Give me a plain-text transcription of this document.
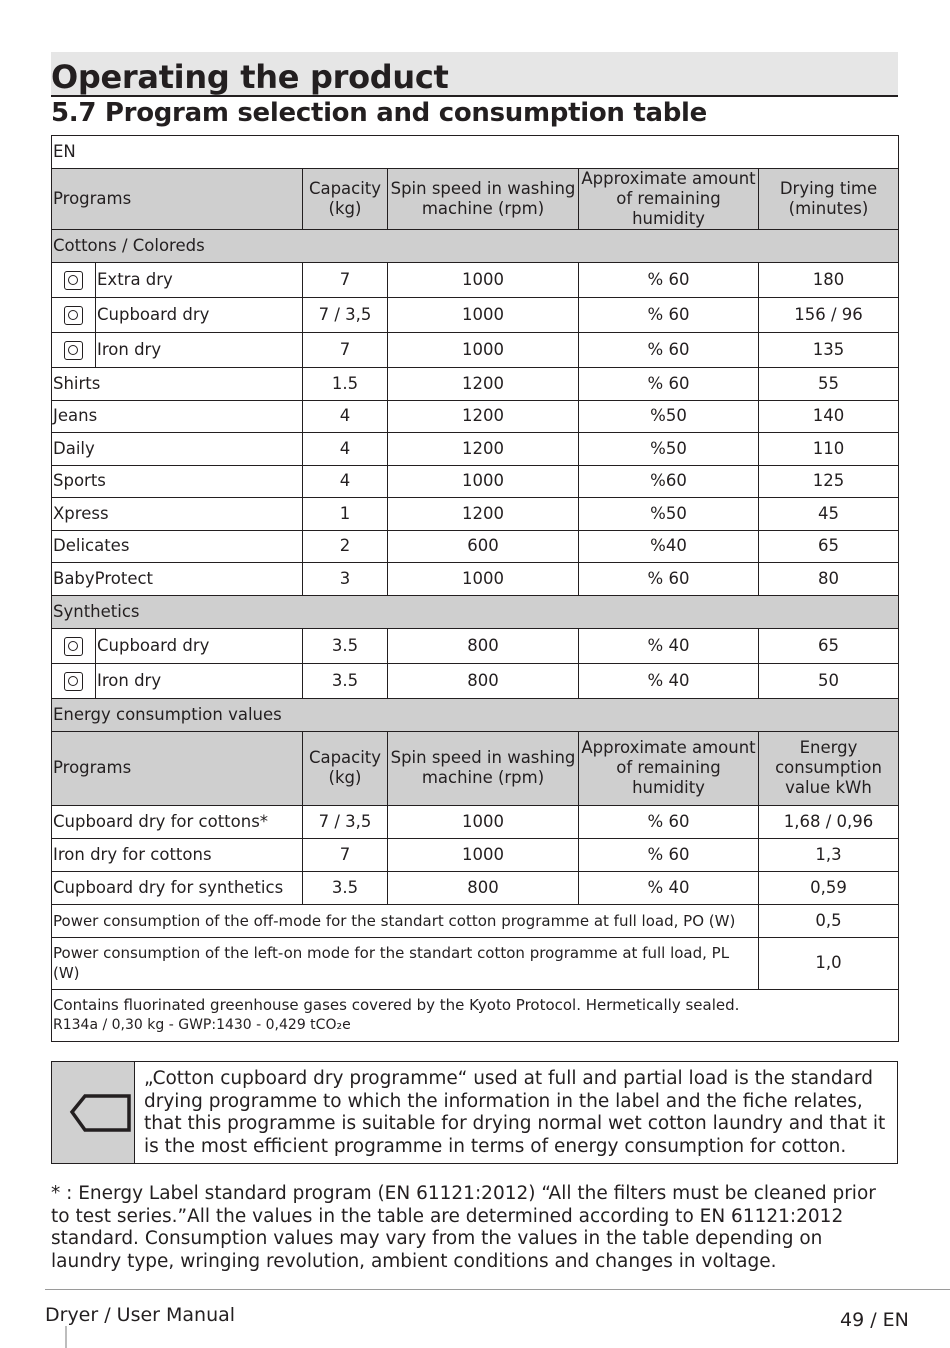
Operating the product
5.7 Program selection and consumption table
EN					
Programs		Capacity (kg)	Spin speed in washing machine (rpm)	Approximate amount of remaining humidity	Drying time (minutes)
Cottons / Coloreds					

	Extra dry	7	1000	% 60	180

	Cupboard dry	7 / 3,5	1000	% 60	156 / 96

	Iron dry	7	1000	% 60	135
Shirts		1.5	1200	% 60	55
Jeans		4	1200	%50	140
Daily		4	1200	%50	110
Sports		4	1000	%60	125
Xpress		1	1200	%50	45
Delicates		2	600	%40	65
BabyProtect		3	1000	% 60	80
Synthetics					

	Cupboard dry	3.5	800	% 40	65

	Iron dry	3.5	800	% 40	50
Energy consumption values					
Programs		Capacity (kg)	Spin speed in washing machine (rpm)	Approximate amount of remaining humidity	Energy consumption value kWh
Cupboard dry for cottons*		7 / 3,5	1000	% 60	1,68 / 0,96
Iron dry for cottons		7	1000	% 60	1,3
Cupboard dry for synthetics		3.5	800	% 40	0,59
Power consumption of the off-mode for the standart cotton programme at full load, PO (W)					0,5
Power consumption of the left-on mode for the standart cotton programme at full load, PL (W)					1,0

Contains fluorinated greenhouse gases covered by the Kyoto Protocol. Hermetically sealed.
R134a / 0,30 kg - GWP:1430 - 0,429 tCO₂e					
„Cotton cupboard dry programme“ used at full and partial load is the standard drying programme to which the information in the label and the fiche relates, that this programme is suitable for drying normal wet cotton laundry and that it is the most efficient programme in terms of energy consumption for cotton.
* : Energy Label standard program (EN 61121:2012) “All the filters must be cleaned prior to test series.”All the values in the table are determined according to EN 61121:2012 standard. Consumption values may vary from the values in the table depending on laundry type, wringing revolution, ambient conditions and changes in voltage.
Dryer / User Manual	49 / EN
